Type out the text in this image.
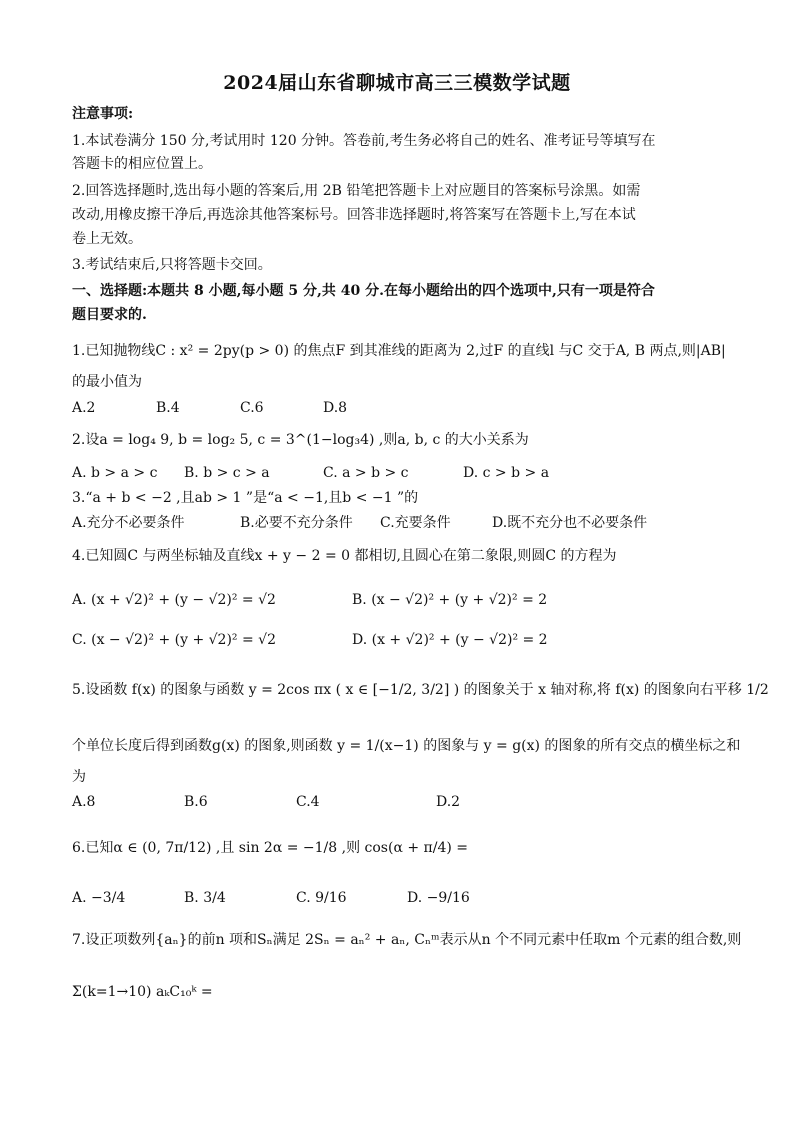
2024届山东省聊城市高三三模数学试题
注意事项:
1.本试卷满分 150 分,考试用时 120 分钟。答卷前,考生务必将自己的姓名、准考证号等填写在
答题卡的相应位置上。
2.回答选择题时,选出每小题的答案后,用 2B 铅笔把答题卡上对应题目的答案标号涂黑。如需
改动,用橡皮擦干净后,再选涂其他答案标号。回答非选择题时,将答案写在答题卡上,写在本试
卷上无效。
3.考试结束后,只将答题卡交回。
一、选择题:本题共 8 小题,每小题 5 分,共 40 分.在每小题给出的四个选项中,只有一项是符合
题目要求的.
1.已知抛物线C : x² = 2py(p > 0) 的焦点F 到其准线的距离为 2,过F 的直线l 与C 交于A, B 两点,则|AB|
的最小值为
A.2	B.4	C.6	D.8
2.设a = log₄ 9, b = log₂ 5, c = 3^(1−log₃4) ,则a, b, c 的大小关系为
A. b > a > c B. b > c > a	C. a > b > c	D. c > b > a
3.“a + b < −2 ,且ab > 1 ”是“a < −1,且b < −1 ”的
A.充分不必要条件	B.必要不充分条件 C.充要条件	D.既不充分也不必要条件
4.已知圆C 与两坐标轴及直线x + y − 2 = 0 都相切,且圆心在第二象限,则圆C 的方程为
A. (x + √2)² + (y − √2)² = √2	B. (x − √2)² + (y + √2)² = 2
C. (x − √2)² + (y + √2)² = √2	D. (x + √2)² + (y − √2)² = 2
5.设函数 f(x) 的图象与函数 y = 2cos πx ( x ∈ [−1/2, 3/2] ) 的图象关于 x 轴对称,将 f(x) 的图象向右平移 1/2
个单位长度后得到函数g(x) 的图象,则函数 y = 1/(x−1) 的图象与 y = g(x) 的图象的所有交点的横坐标之和
为
A.8	B.6	C.4	D.2
6.已知α ∈ (0, 7π/12) ,且 sin 2α = −1/8 ,则 cos(α + π/4) =
A. −3/4	B. 3/4	C. 9/16	D. −9/16
7.设正项数列{aₙ}的前n 项和Sₙ满足 2Sₙ = aₙ² + aₙ, Cₙᵐ表示从n 个不同元素中任取m 个元素的组合数,则
Σ(k=1→10) aₖC₁₀ᵏ =
